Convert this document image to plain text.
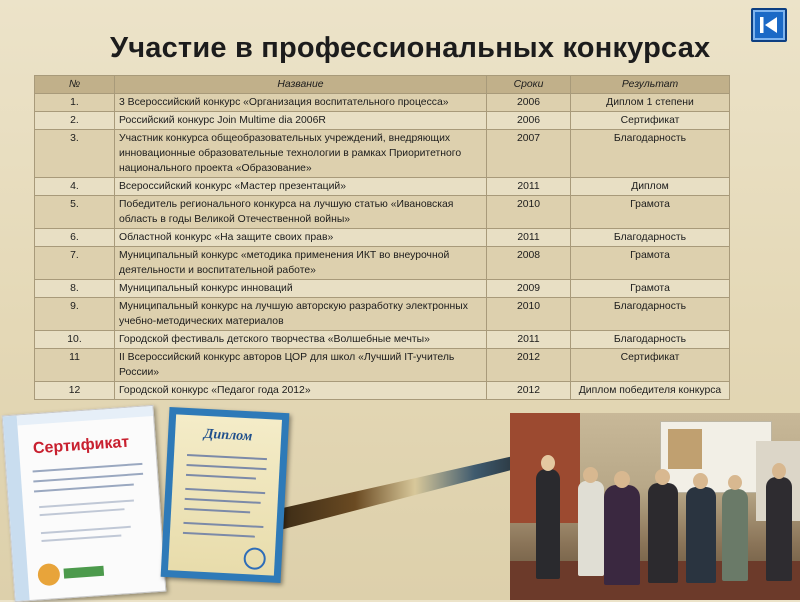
Участие в профессиональных конкурсах
№	Название	Сроки	Результат
1.	3 Всероссийский конкурс «Организация воспитательного процесса»	2006	Диплом 1 степени
2.	Российский конкурс Join Multime dia 2006R	2006	Сертификат
3.	Участник конкурса общеобразовательных учреждений, внедряющих инновационные образовательные технологии в рамках Приоритетного национального проекта «Образование»	2007	Благодарность
4.	Всероссийский конкурс «Мастер презентаций»	2011	Диплом
5.	Победитель регионального конкурса на лучшую статью «Ивановская область в годы Великой Отечественной войны»	2010	Грамота
6.	Областной конкурс «На защите своих прав»	2011	Благодарность
7.	Муниципальный конкурс «методика применения ИКТ во внеурочной деятельности и воспитательной работе»	2008	Грамота
8.	Муниципальный конкурс инноваций	2009	Грамота
9.	Муниципальный конкурс на лучшую авторскую разработку электронных учебно-методических материалов	2010	Благодарность
10.	Городской фестиваль детского творчества «Волшебные мечты»	2011	Благодарность
11	II Всероссийский конкурс авторов ЦОР для школ «Лучший IT-учитель России»	2012	Сертификат
12	Городской конкурс «Педагог года 2012»	2012	Диплом победителя конкурса
Сертификат	Диплом
